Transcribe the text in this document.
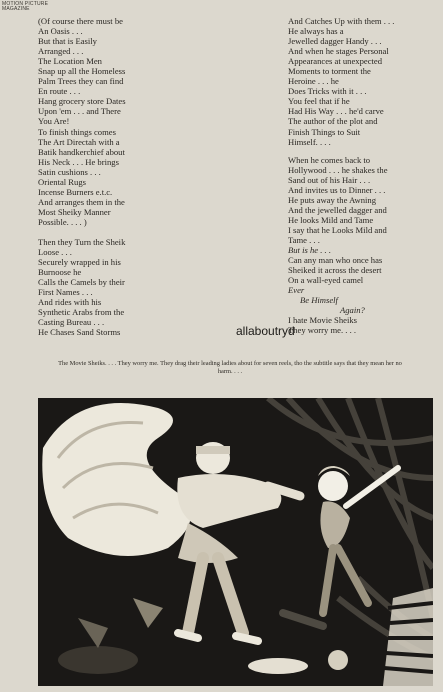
MOTION PICTURE
MAGAZINE
(Of course there must be
An Oasis . . .
But that is Easily
Arranged . . .
The Location Men
Snap up all the Homeless
Palm Trees they can find
En route . . .
Hang grocery store Dates
Upon 'em . . . and There
You Are!
To finish things comes
The Art Directah with a
Batik handkerchief about
His Neck . . . He brings
Satin cushions . . .
Oriental Rugs
Incense Burners e.t.c.
And arranges them in the
Most Sheiky Manner
Possible. . . . )
Then they Turn the Sheik
Loose . . .
Securely wrapped in his
Burnoose he
Calls the Camels by their
First Names . . .
And rides with his
Synthetic Arabs from the
Casting Bureau . . .
He Chases Sand Storms
And Catches Up with them . . .
He always has a
Jewelled dagger Handy . . .
And when he stages Personal
Appearances at unexpected
Moments to torment the
Heroine . . . he
Does Tricks with it . . .
You feel that if he
Had His Way . . . he'd carve
The author of the plot and
Finish Things to Suit
Himself. . . .
When he comes back to
Hollywood . . . he shakes the
Sand out of his Hair . . .
And invites us to Dinner . . .
He puts away the Awning
And the jewelled dagger and
He looks Mild and Tame
I say that he Looks Mild and
Tame . . .
But is he . . .
Can any man who once has
Sheiked it across the desert
On a wall-eyed camel
Ever
Be Himself
Again?
I hate Movie Sheiks
They worry me. . . .
allaboutryd
The Movie Sheiks. . . . They worry me. They drag their leading ladies about for seven reels, tho the subtitle says that they mean her no harm. . . .
